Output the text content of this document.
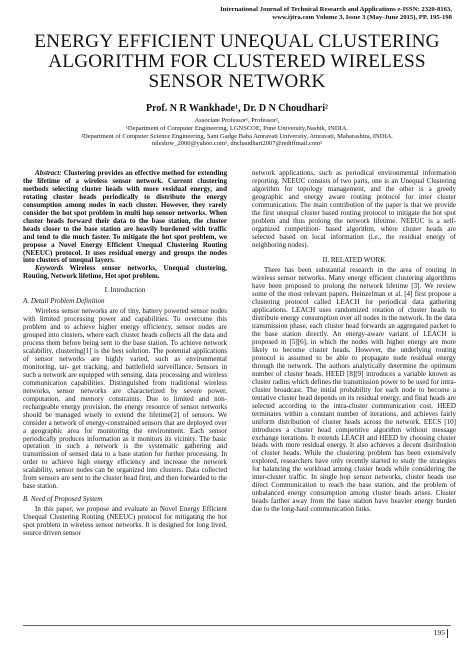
International Journal of Technical Research and Applications e-ISSN: 2320-8163,
www.ijtra.com Volume 3, Issue 3 (May-June 2015), PP. 195-198
ENERGY EFFICIENT UNEQUAL CLUSTERING
ALGORITHM FOR CLUSTERED WIRELESS
SENSOR NETWORK
Prof. N R Wankhade¹, Dr. D N Choudhari²
Associate Professor¹, Professor²,
¹Department of Computer Engineering, LGNSCOE, Pune University,Nashik, INDIA.
²Department of Computer Science Engineering, Sant Gadge Baba Amravati University, Amravati, Maharashtra, INDIA.
nileshrw_2000@yahoo.com¹, dnchaudhari2007@rediffmail.com²

Abstract: Clustering provides an effective method for extending the lifetime of a wireless sensor network. Current clustering methods selecting cluster heads with more residual energy, and rotating cluster heads periodically to distribute the energy consumption among nodes in each cluster. However, they rarely consider the hot spot problem in multi hop sensor networks. When cluster heads forward their data to the base station, the cluster heads closer to the base station are heavily burdened with traffic and tend to die much faster. To mitigate the hot spot problem, we propose a Novel Energy Efficient Unequal Clustering Routing (NEEUC) protocol. It uses residual energy and groups the nodes into clusters of unequal layers.

Keywords Wireless sensor networks, Unequal clustering, Routing, Network lifetime, Hot spot problem.

I. Introduction
A. Detail Problem Definition

Wireless sensor networks are of tiny, battery powered sensor nodes with limited processing power and capabilities. To overcome this problem and to achieve higher energy efficiency, sensor nodes are grouped into clusters, where each cluster heads collects all the data and process them before being sent to the base station. To achieve network scalability, clustering[1] is the best solution. The potential applications of sensor networks are highly varied, such as environmental monitoring, tar- get tracking, and battlefield surveillance. Sensors in such a network are equipped with sensing, data processing and wireless communication capabilities. Distinguished from traditional wireless networks, sensor networks are characterized by severe power, computation, and memory constraints. Due to limited and non-rechargeable energy provision, the energy resource of sensor networks should be managed wisely to extend the lifetime[2] of sensors. We consider a network of energy-constrained sensors that are deployed over a geographic area for monitoring the environment. Each sensor periodically produces information as it monitors its vicinity. The basic operation in such a network is the systematic gathering and transmission of sensed data to a base station for further processing. In order to achieve high energy efficiency and increase the network scalability, sensor nodes can be organized into clusters. Data collected from sensors are sent to the cluster head first, and then forwarded to the base station.

B. Need of Proposed System

In this paper, we propose and evaluate an Novel Energy Efficient Unequal Clustering Routing (NEEUC) protocol for mitigating the hot spot problem in wireless sensor networks. It is designed for long lived, source driven sensor

network applications, such as periodical environmental information reporting. NEEUC consists of two parts, one is an Unequal Clustering algorithm for topology management, and the other is a greedy geographic and energy aware routing protocol for inter cluster communication. The main contribution of the paper is that we provide the first unequal cluster based routing protocol to mitigate the hot spot problem and thus prolong the network lifetime. NEEUC is a self-organized competition- based algorithm, where cluster heads are selected based on local information (i.e., the residual energy of neighboring nodes).

II. RELATED WORK

There has been substantial research in the area of routing in wireless sensor networks. Many energy efficient clustering algorithms have been proposed to prolong the network lifetime [3]. We review some of the most relevant papers. Heinzelman et al. [4] first propose a clustering protocol called LEACH for periodical data gathering applications. LEACH uses randomized rotation of cluster heads to distribute energy consumption over all nodes in the network. In the data transmission phase, each cluster head forwards an aggregated packet to the base station directly. An energy-aware variant of LEACH is proposed in [5][6], in which the nodes with higher energy are more likely to become cluster heads. However, the underlying routing protocol is assumed to be able to propagate node residual energy through the network. The authors analytically determine the optimum number of cluster heads. HEED [8][9] introduces a variable known as cluster radius which defines the transmission power to be used for intra-cluster broadcast. The initial probability for each node to become a tentative cluster head depends on its residual energy, and final heads are selected according to the intra-cluster communication cost. HEED terminates within a constant number of iterations, and achieves fairly uniform distribution of cluster heads across the network. EECS [10] introduces a cluster head competitive algorithm without message exchange iterations. It extends LEACH and HEED by choosing cluster heads with more residual energy. It also achieves a decent distribution of cluster heads. While the clustering problem has been extensively explored, researchers have only recently started to study the strategies for balancing the workload among cluster heads while considering the inter-cluster traffic. In single hop sensor networks, cluster heads use direct Communication to reach the base station, and the problem of unbalanced energy consumption among cluster heads arises. Cluster heads farther away from the base station have heavier energy burden due to the long-haul communication links.

195
